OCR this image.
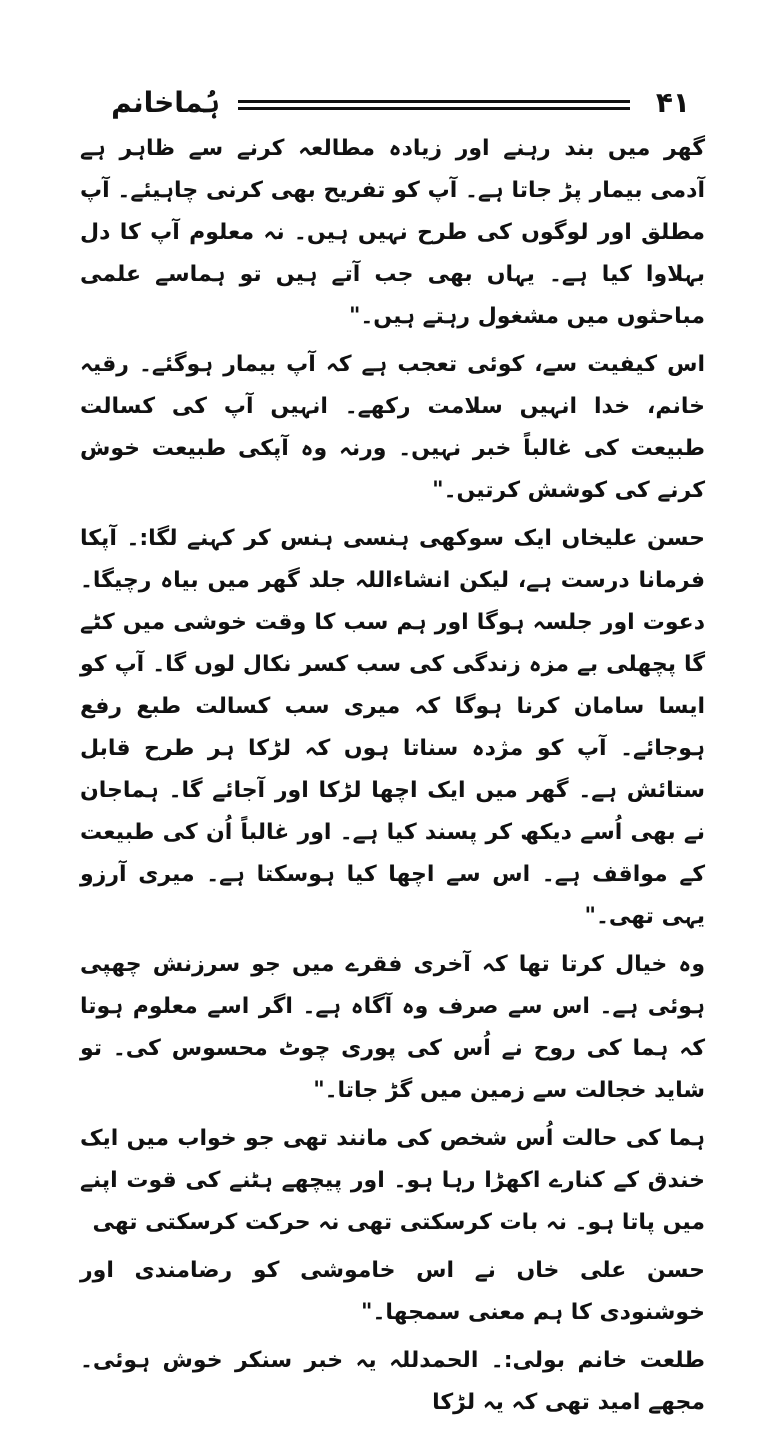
ہُماخانم	۴۱

گھر میں بند رہنے اور زیادہ مطالعہ کرنے سے ظاہر ہے آدمی بیمار پڑ جاتا ہے۔ آپ کو تفریح بھی کرنی چاہیئے۔ آپ مطلق اور لوگوں کی طرح نہیں ہیں۔ نہ معلوم آپ کا دل بہلاوا کیا ہے۔ یہاں بھی جب آتے ہیں تو ہماسے علمی مباحثوں میں مشغول رہتے ہیں۔"

اس کیفیت سے، کوئی تعجب ہے کہ آپ بیمار ہوگئے۔ رقیہ خانم، خدا انہیں سلامت رکھے۔ انہیں آپ کی کسالت طبیعت کی غالباً خبر نہیں۔ ورنہ وہ آپکی طبیعت خوش کرنے کی کوشش کرتیں۔"

حسن علیخاں ایک سوکھی ہنسی ہنس کر کہنے لگا:۔ آپکا فرمانا درست ہے، لیکن انشاءاللہ جلد گھر میں بیاہ رچیگا۔ دعوت اور جلسہ ہوگا اور ہم سب کا وقت خوشی میں کٹے گا پچھلی بے مزہ زندگی کی سب کسر نکال لوں گا۔ آپ کو ایسا سامان کرنا ہوگا کہ میری سب کسالت طبع رفع ہوجائے۔ آپ کو مژدہ سناتا ہوں کہ لڑکا ہر طرح قابل ستائش ہے۔ گھر میں ایک اچھا لڑکا اور آجائے گا۔ ہماجان نے بھی اُسے دیکھ کر پسند کیا ہے۔ اور غالباً اُن کی طبیعت کے مواقف ہے۔ اس سے اچھا کیا ہوسکتا ہے۔ میری آرزو یہی تھی۔"

وہ خیال کرتا تھا کہ آخری فقرے میں جو سرزنش چھپی ہوئی ہے۔ اس سے صرف وہ آگاہ ہے۔ اگر اسے معلوم ہوتا کہ ہما کی روح نے اُس کی پوری چوٹ محسوس کی۔ تو شاید خجالت سے زمین میں گڑ جاتا۔"

ہما کی حالت اُس شخص کی مانند تھی جو خواب میں ایک خندق کے کنارے اکھڑا رہا ہو۔ اور پیچھے ہٹنے کی قوت اپنے میں پاتا ہو۔ نہ بات کرسکتی تھی نہ حرکت کرسکتی تھی

حسن علی خاں نے اس خاموشی کو رضامندی اور خوشنودی کا ہم معنی سمجھا۔"

طلعت خانم بولی:۔ الحمدللہ یہ خبر سنکر خوش ہوئی۔ مجھے امید تھی کہ یہ لڑکا
